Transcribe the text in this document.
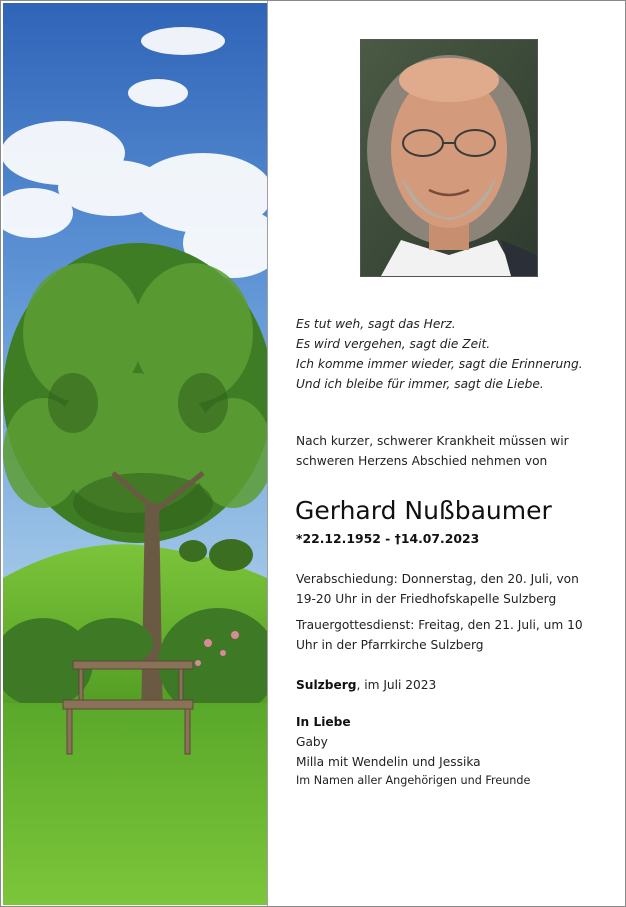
Es tut weh, sagt das Herz.
Es wird vergehen, sagt die Zeit.
Ich komme immer wieder, sagt die Erinnerung.
Und ich bleibe für immer, sagt die Liebe.
Nach kurzer, schwerer Krankheit müssen wir
schweren Herzens Abschied nehmen von
Gerhard Nußbaumer
*22.12.1952 - †14.07.2023

Verabschiedung: Donnerstag, den 20. Juli, von
19-20 Uhr in der Friedhofskapelle Sulzberg

Trauergottesdienst: Freitag, den 21. Juli, um 10
Uhr in der Pfarrkirche Sulzberg

Sulzberg, im Juli 2023
In Liebe
Gaby
Milla mit Wendelin und Jessika
Im Namen aller Angehörigen und Freunde
